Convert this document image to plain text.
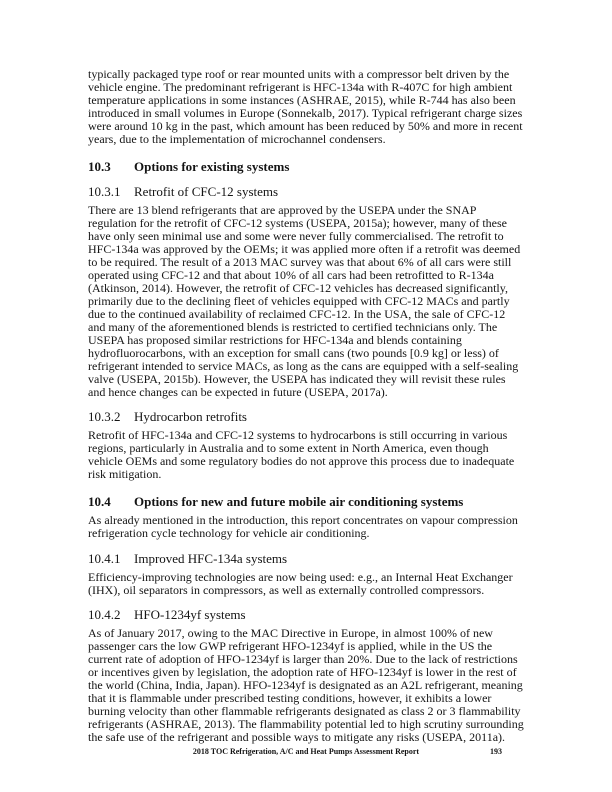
typically packaged type roof or rear mounted units with a compressor belt driven by the vehicle engine. The predominant refrigerant is HFC-134a with R-407C for high ambient temperature applications in some instances (ASHRAE, 2015), while R-744 has also been introduced in small volumes in Europe (Sonnekalb, 2017). Typical refrigerant charge sizes were around 10 kg in the past, which amount has been reduced by 50% and more in recent years, due to the implementation of microchannel condensers.

10.3 Options for existing systems
10.3.1 Retrofit of CFC-12 systems

There are 13 blend refrigerants that are approved by the USEPA under the SNAP regulation for the retrofit of CFC-12 systems (USEPA, 2015a); however, many of these have only seen minimal use and some were never fully commercialised. The retrofit to HFC-134a was approved by the OEMs; it was applied more often if a retrofit was deemed to be required. The result of a 2013 MAC survey was that about 6% of all cars were still operated using CFC-12 and that about 10% of all cars had been retrofitted to R-134a (Atkinson, 2014). However, the retrofit of CFC-12 vehicles has decreased significantly, primarily due to the declining fleet of vehicles equipped with CFC-12 MACs and partly due to the continued availability of reclaimed CFC-12. In the USA, the sale of CFC-12 and many of the aforementioned blends is restricted to certified technicians only. The USEPA has proposed similar restrictions for HFC-134a and blends containing hydrofluorocarbons, with an exception for small cans (two pounds [0.9 kg] or less) of refrigerant intended to service MACs, as long as the cans are equipped with a self-sealing valve (USEPA, 2015b). However, the USEPA has indicated they will revisit these rules and hence changes can be expected in future (USEPA, 2017a).

10.3.2 Hydrocarbon retrofits

Retrofit of HFC-134a and CFC-12 systems to hydrocarbons is still occurring in various regions, particularly in Australia and to some extent in North America, even though vehicle OEMs and some regulatory bodies do not approve this process due to inadequate risk mitigation.

10.4 Options for new and future mobile air conditioning systems

As already mentioned in the introduction, this report concentrates on vapour compression refrigeration cycle technology for vehicle air conditioning.

10.4.1 Improved HFC-134a systems

Efficiency-improving technologies are now being used: e.g., an Internal Heat Exchanger (IHX), oil separators in compressors, as well as externally controlled compressors.

10.4.2 HFO-1234yf systems

As of January 2017, owing to the MAC Directive in Europe, in almost 100% of new passenger cars the low GWP refrigerant HFO-1234yf is applied, while in the US the current rate of adoption of HFO-1234yf is larger than 20%. Due to the lack of restrictions or incentives given by legislation, the adoption rate of HFO-1234yf is lower in the rest of the world (China, India, Japan). HFO-1234yf is designated as an A2L refrigerant, meaning that it is flammable under prescribed testing conditions, however, it exhibits a lower burning velocity than other flammable refrigerants designated as class 2 or 3 flammability refrigerants (ASHRAE, 2013). The flammability potential led to high scrutiny surrounding the safe use of the refrigerant and possible ways to mitigate any risks (USEPA, 2011a).

2018 TOC Refrigeration, A/C and Heat Pumps Assessment Report	193
